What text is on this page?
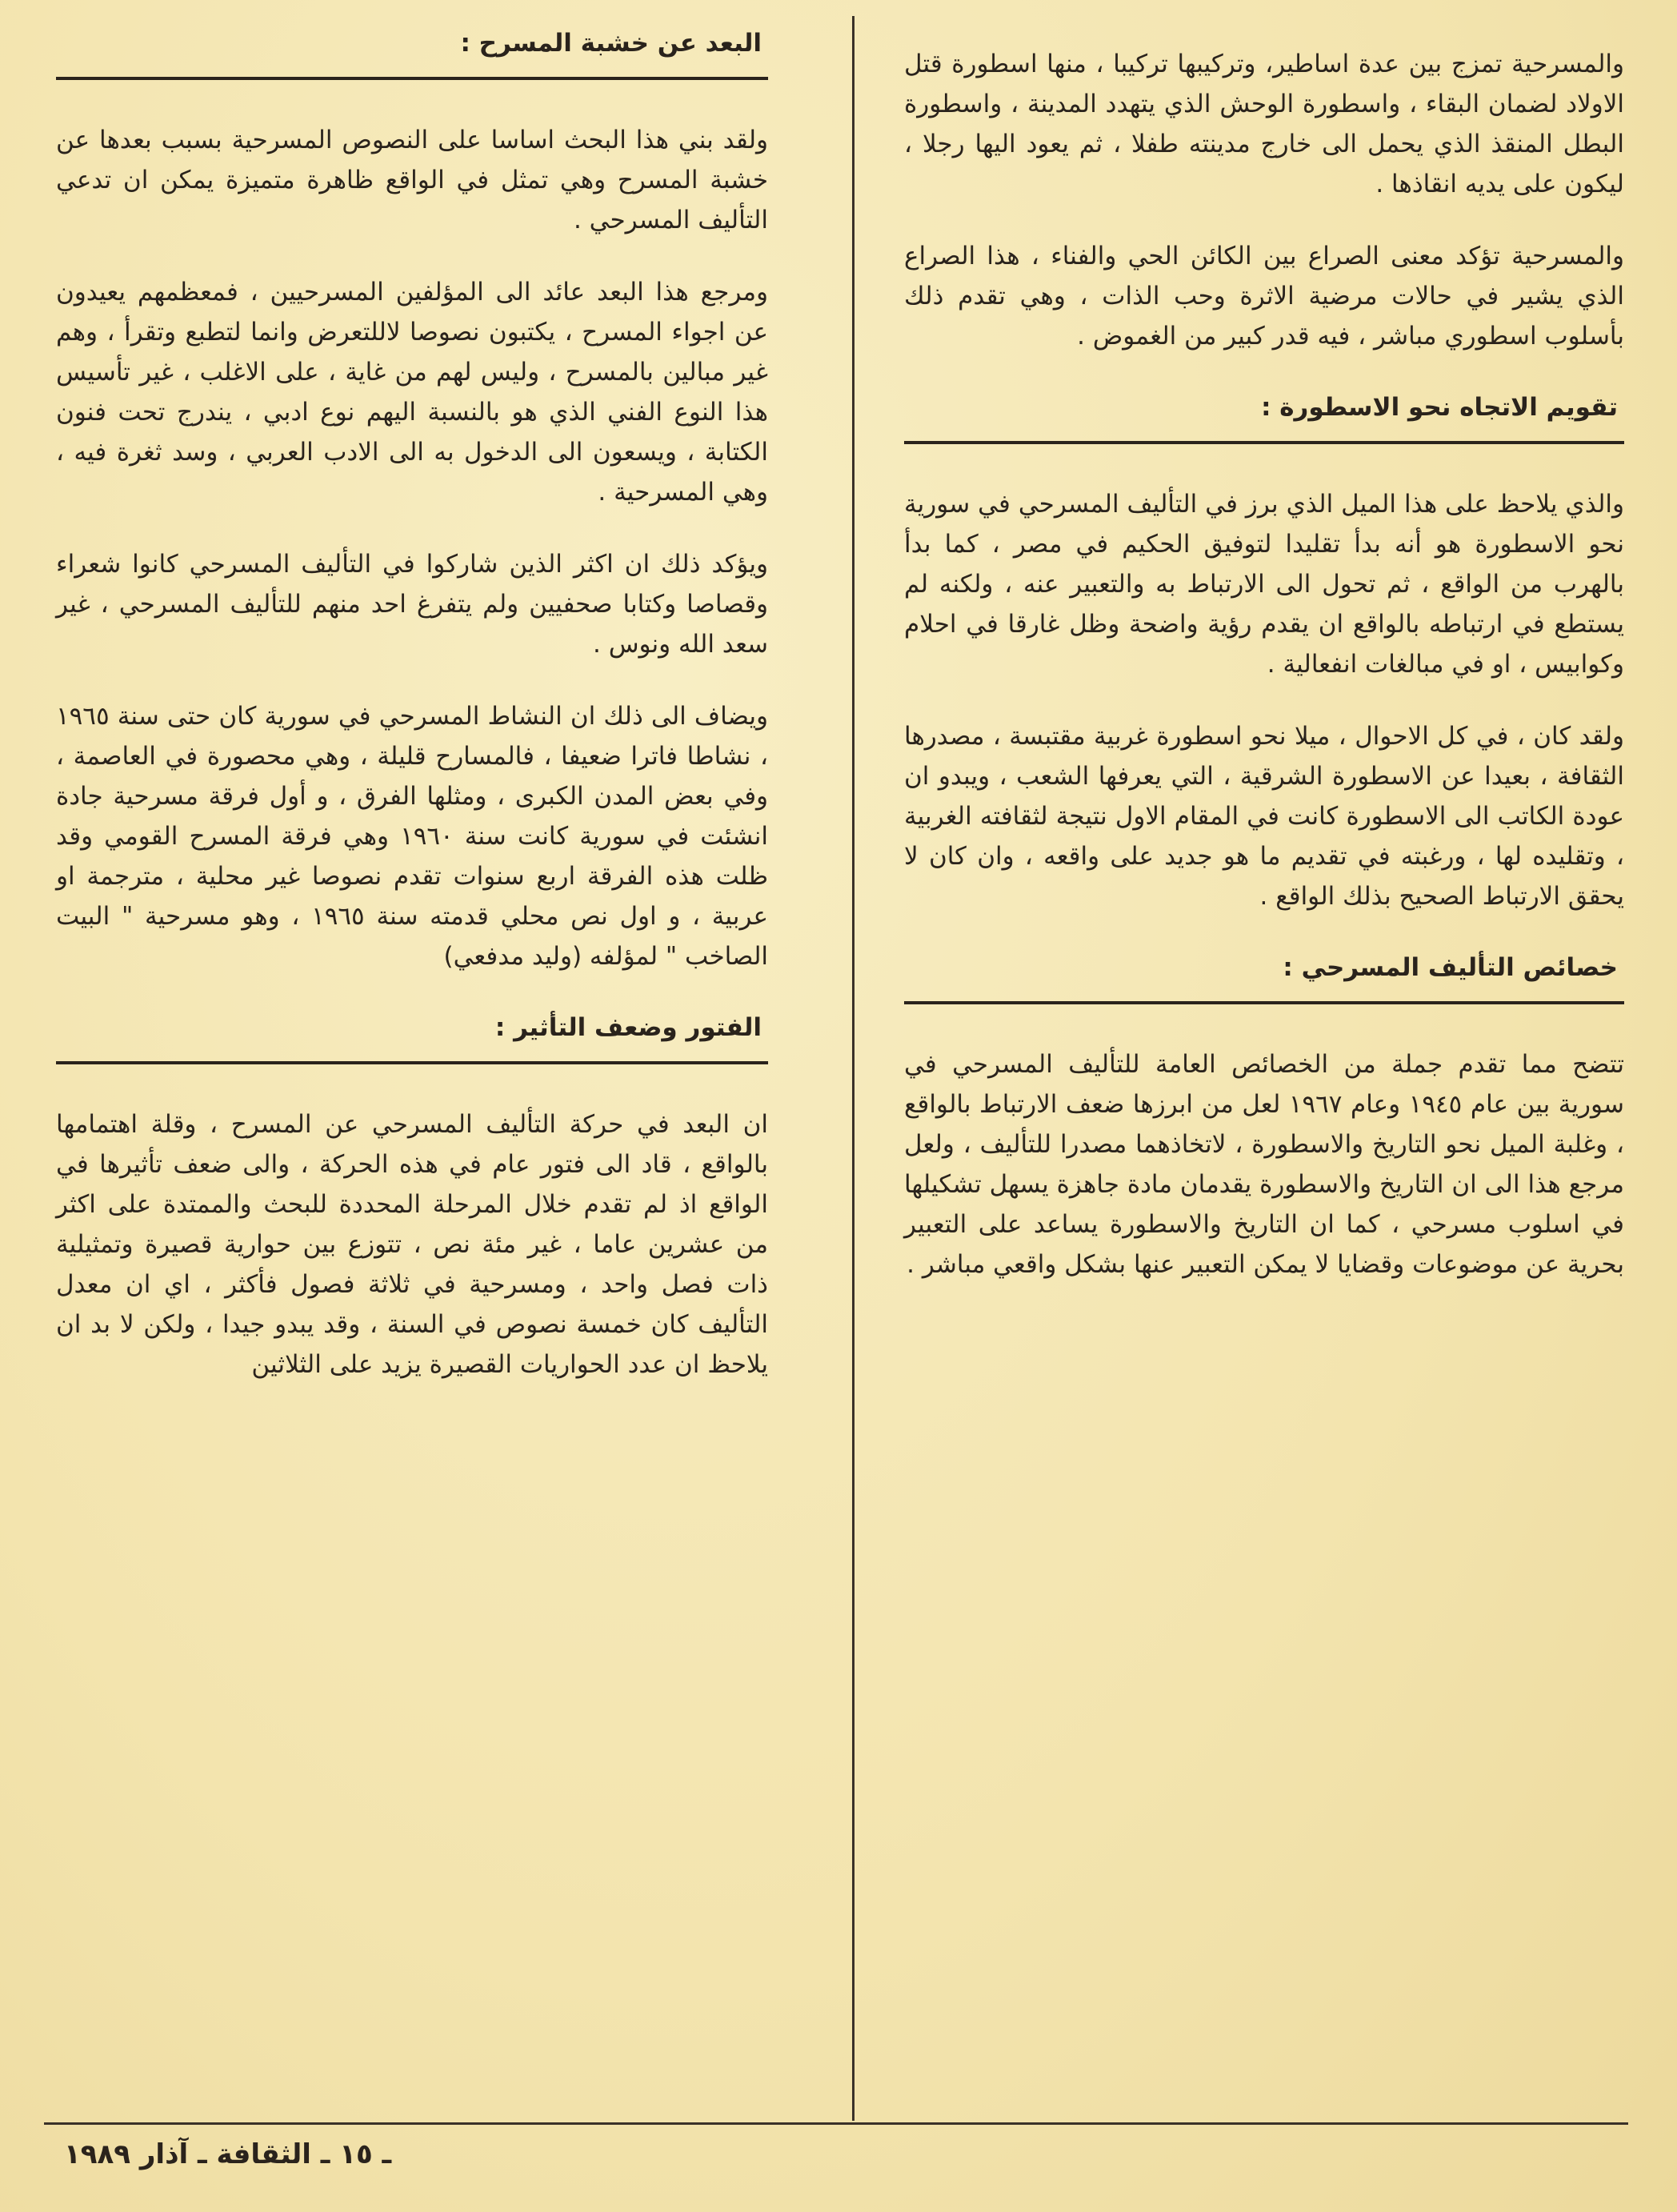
والمسرحية تمزج بين عدة اساطير، وتركيبها تركيبا ، منها اسطورة قتل الاولاد لضمان البقاء ، واسطورة الوحش الذي يتهدد المدينة ، واسطورة البطل المنقذ الذي يحمل الى خارج مدينته طفلا ، ثم يعود اليها رجلا ، ليكون على يديه انقاذها .

والمسرحية تؤكد معنى الصراع بين الكائن الحي والفناء ، هذا الصراع الذي يشير في حالات مرضية الاثرة وحب الذات ، وهي تقدم ذلك بأسلوب اسطوري مباشر ، فيه قدر كبير من الغموض .

تقويم الاتجاه نحو الاسطورة :

والذي يلاحظ على هذا الميل الذي برز في التأليف المسرحي في سورية نحو الاسطورة هو أنه بدأ تقليدا لتوفيق الحكيم في مصر ، كما بدأ بالهرب من الواقع ، ثم تحول الى الارتباط به والتعبير عنه ، ولكنه لم يستطع في ارتباطه بالواقع ان يقدم رؤية واضحة وظل غارقا في احلام وكوابيس ، او في مبالغات انفعالية .

ولقد كان ، في كل الاحوال ، ميلا نحو اسطورة غربية مقتبسة ، مصدرها الثقافة ، بعيدا عن الاسطورة الشرقية ، التي يعرفها الشعب ، ويبدو ان عودة الكاتب الى الاسطورة كانت في المقام الاول نتيجة لثقافته الغربية ، وتقليده لها ، ورغبته في تقديم ما هو جديد على واقعه ، وان كان لا يحقق الارتباط الصحيح بذلك الواقع .

خصائص التأليف المسرحي :

تتضح مما تقدم جملة من الخصائص العامة للتأليف المسرحي في سورية بين عام ١٩٤٥ وعام ١٩٦٧ لعل من ابرزها ضعف الارتباط بالواقع ، وغلبة الميل نحو التاريخ والاسطورة ، لاتخاذهما مصدرا للتأليف ، ولعل مرجع هذا الى ان التاريخ والاسطورة يقدمان مادة جاهزة يسهل تشكيلها في اسلوب مسرحي ، كما ان التاريخ والاسطورة يساعد على التعبير بحرية عن موضوعات وقضايا لا يمكن التعبير عنها بشكل واقعي مباشر .

البعد عن خشبة المسرح :

ولقد بني هذا البحث اساسا على النصوص المسرحية بسبب بعدها عن خشبة المسرح وهي تمثل في الواقع ظاهرة متميزة يمكن ان تدعي التأليف المسرحي .

ومرجع هذا البعد عائد الى المؤلفين المسرحيين ، فمعظمهم يعيدون عن اجواء المسرح ، يكتبون نصوصا لاللتعرض وانما لتطبع وتقرأ ، وهم غير مبالين بالمسرح ، وليس لهم من غاية ، على الاغلب ، غير تأسيس هذا النوع الفني الذي هو بالنسبة اليهم نوع ادبي ، يندرج تحت فنون الكتابة ، ويسعون الى الدخول به الى الادب العربي ، وسد ثغرة فيه ، وهي المسرحية .

ويؤكد ذلك ان اكثر الذين شاركوا في التأليف المسرحي كانوا شعراء وقصاصا وكتابا صحفيين ولم يتفرغ احد منهم للتأليف المسرحي ، غير سعد الله ونوس .

ويضاف الى ذلك ان النشاط المسرحي في سورية كان حتى سنة ١٩٦٥ ، نشاطا فاترا ضعيفا ، فالمسارح قليلة ، وهي محصورة في العاصمة ، وفي بعض المدن الكبرى ، ومثلها الفرق ، و أول فرقة مسرحية جادة انشئت في سورية كانت سنة ١٩٦٠ وهي فرقة المسرح القومي وقد ظلت هذه الفرقة اربع سنوات تقدم نصوصا غير محلية ، مترجمة او عربية ، و اول نص محلي قدمته سنة ١٩٦٥ ، وهو مسرحية " البيت الصاخب " لمؤلفه (وليد مدفعي)

الفتور وضعف التأثير :

ان البعد في حركة التأليف المسرحي عن المسرح ، وقلة اهتمامها بالواقع ، قاد الى فتور عام في هذه الحركة ، والى ضعف تأثيرها في الواقع اذ لم تقدم خلال المرحلة المحددة للبحث والممتدة على اكثر من عشرين عاما ، غير مئة نص ، تتوزع بين حوارية قصيرة وتمثيلية ذات فصل واحد ، ومسرحية في ثلاثة فصول فأكثر ، اي ان معدل التأليف كان خمسة نصوص في السنة ، وقد يبدو جيدا ، ولكن لا بد ان يلاحظ ان عدد الحواريات القصيرة يزيد على الثلاثين

ـ ١٥ ـ الثقافة ـ آذار ١٩٨٩
